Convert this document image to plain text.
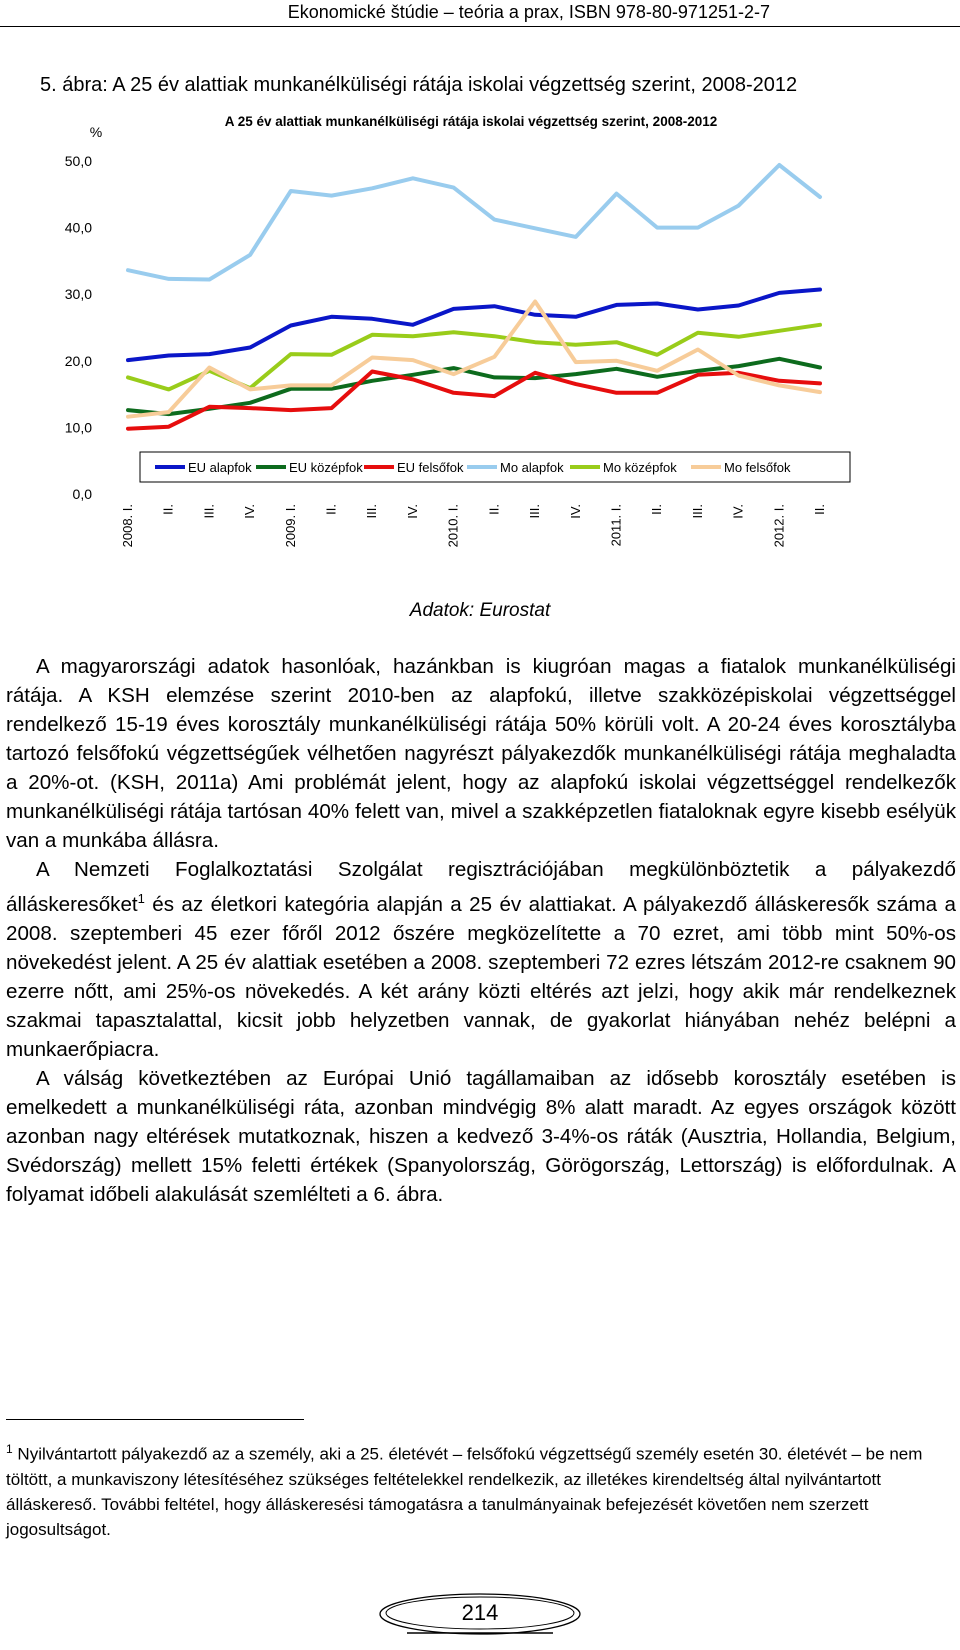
Ekonomické štúdie – teória a prax, ISBN 978-80-971251-2-7
5. ábra: A 25 év alattiak munkanélküliségi rátája iskolai végzettség szerint, 2008-2012
A 25 év alattiak munkanélküliségi rátája iskolai végzettség szerint, 2008-2012
%
0,0
10,0
20,0
30,0
40,0
50,0
2008. I. II. III. IV. 2009. I. II. III. IV. 2010. I. II. III. IV. 2011. I. II. III. IV. 2012. I. II.
EU alapfok	EU középfok	EU felsőfok	Mo alapfok	Mo középfok	Mo felsőfok
Adatok: Eurostat

A magyarországi adatok hasonlóak, hazánkban is kiugróan magas a fiatalok munkanélküliségi rátája. A KSH elemzése szerint 2010-ben az alapfokú, illetve szakközépiskolai végzettséggel rendelkező 15-19 éves korosztály munkanélküliségi rátája 50% körüli volt. A 20-24 éves korosztályba tartozó felsőfokú végzettségűek vélhetően nagyrészt pályakezdők munkanélküliségi rátája meghaladta a 20%-ot. (KSH, 2011a) Ami problémát jelent, hogy az alapfokú iskolai végzettséggel rendelkezők munkanélküliségi rátája tartósan 40% felett van, mivel a szakképzetlen fiataloknak egyre kisebb esélyük van a munkába állásra.

A Nemzeti Foglalkoztatási Szolgálat regisztrációjában megkülönböztetik a pályakezdő álláskeresőket$^1$ és az életkori kategória alapján a 25 év alattiakat. A pályakezdő álláskeresők száma a 2008. szeptemberi 45 ezer főről 2012 őszére megközelítette a 70 ezret, ami több mint 50%-os növekedést jelent. A 25 év alattiak esetében a 2008. szeptemberi 72 ezres létszám 2012-re csaknem 90 ezerre nőtt, ami 25%-os növekedés. A két arány közti eltérés azt jelzi, hogy akik már rendelkeznek szakmai tapasztalattal, kicsit jobb helyzetben vannak, de gyakorlat hiányában nehéz belépni a munkaerőpiacra.

A válság következtében az Európai Unió tagállamaiban az idősebb korosztály esetében is emelkedett a munkanélküliségi ráta, azonban mindvégig 8% alatt maradt. Az egyes országok között azonban nagy eltérések mutatkoznak, hiszen a kedvező 3-4%-os ráták (Ausztria, Hollandia, Belgium, Svédország) mellett 15% feletti értékek (Spanyolország, Görögország, Lettország) is előfordulnak. A folyamat időbeli alakulását szemlélteti a 6. ábra.

$^1$ Nyilvántartott pályakezdő az a személy, aki a 25. életévét – felsőfokú végzettségű személy esetén 30. életévét – be nem töltött, a munkaviszony létesítéséhez szükséges feltételekkel rendelkezik, az illetékes kirendeltség által nyilvántartott álláskereső. További feltétel, hogy álláskeresési támogatásra a tanulmányainak befejezését követően nem szerzett jogosultságot.
214
